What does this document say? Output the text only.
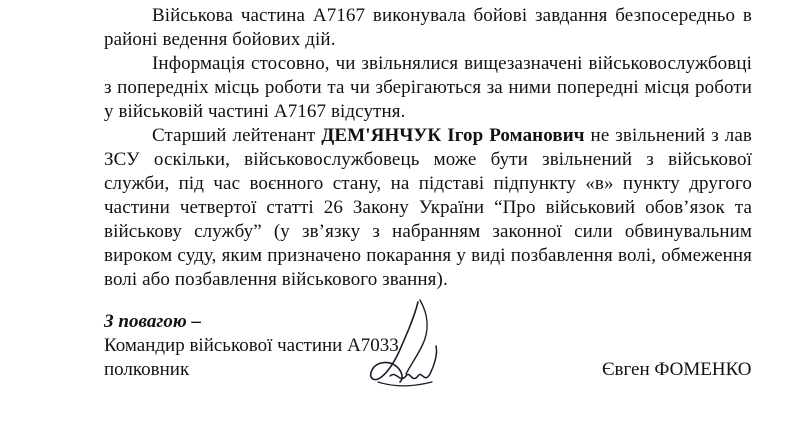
Військова частина А7167 виконувала бойові завдання безпосередньо в районі ведення бойових дій.
Інформація стосовно, чи звільнялися вищезазначені військовослужбовці з попередніх місць роботи та чи зберігаються за ними попередні місця роботи у військовій частині А7167 відсутня.
Старший лейтенант ДЕМ'ЯНЧУК Ігор Романович не звільнений з лав ЗСУ оскільки, військовослужбовець може бути звільнений з військової служби, під час воєнного стану, на підставі підпункту «в» пункту другого частини четвертої статті 26 Закону України “Про військовий обов’язок та військову службу” (у зв’язку з набранням законної сили обвинувальним вироком суду, яким призначено покарання у виді позбавлення волі, обмеження волі або позбавлення військового звання).
З повагою –
Командир військової частини А7033
полковник	Євген ФОМЕНКО
